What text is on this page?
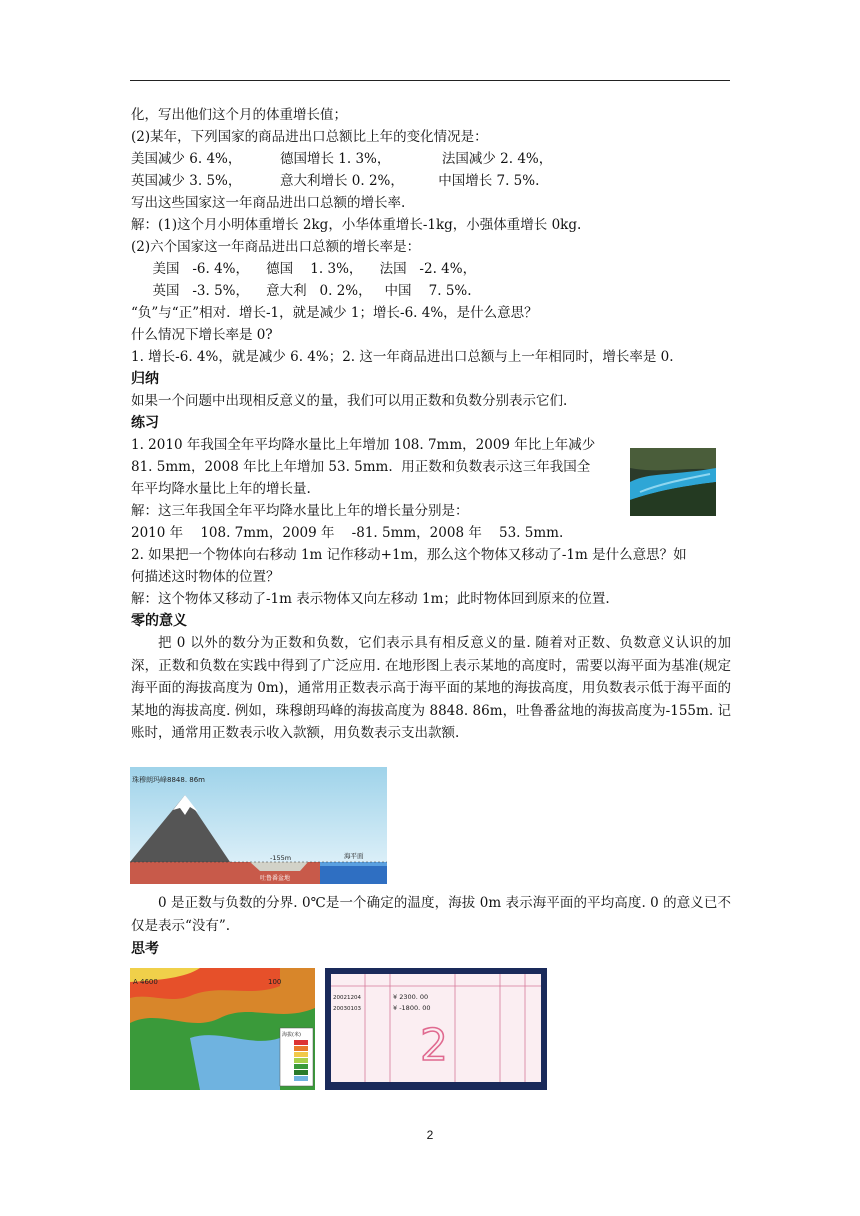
化，写出他们这个月的体重增长值；
(2)某年，下列国家的商品进出口总额比上年的变化情况是：
美国减少 6. 4%，         德国增长 1. 3%，            法国减少 2. 4%，
英国减少 3. 5%，         意大利增长 0. 2%，        中国增长 7. 5%.
写出这些国家这一年商品进出口总额的增长率.
解：(1)这个月小明体重增长 2kg，小华体重增长-1kg，小强体重增长 0kg.
(2)六个国家这一年商品进出口总额的增长率是：
美国   -6. 4%，    德国    1. 3%，    法国   -2. 4%，
英国   -3. 5%，    意大利   0. 2%，   中国    7. 5%.
“负”与“正”相对.  增长-1，就是减少 1；增长-6. 4%，是什么意思？
什么情况下增长率是 0?
1. 增长-6. 4%，就是减少 6. 4%；2. 这一年商品进出口总额与上一年相同时，增长率是 0.
归纳
如果一个问题中出现相反意义的量，我们可以用正数和负数分别表示它们.
练习
1. 2010 年我国全年平均降水量比上年增加 108. 7mm，2009 年比上年减少
81. 5mm，2008 年比上年增加 53. 5mm.  用正数和负数表示这三年我国全
年平均降水量比上年的增长量.
解：这三年我国全年平均降水量比上年的增长量分别是：
2010 年    108. 7mm，2009 年    -81. 5mm，2008 年    53. 5mm.
2. 如果把一个物体向右移动 1m 记作移动+1m，那么这个物体又移动了-1m 是什么意思？如
何描述这时物体的位置？
解：这个物体又移动了-1m 表示物体又向左移动 1m；此时物体回到原来的位置.
零的意义

把 0 以外的数分为正数和负数，它们表示具有相反意义的量. 随着对正数、负数意义认识的加深，正数和负数在实践中得到了广泛应用. 在地形图上表示某地的高度时，需要以海平面为基准(规定海平面的海拔高度为 0m)，通常用正数表示高于海平面的某地的海拔高度，用负数表示低于海平面的某地的海拔高度. 例如，珠穆朗玛峰的海拔高度为 8848. 86m，吐鲁番盆地的海拔高度为-155m. 记账时，通常用正数表示收入款额，用负数表示支出款额.

珠穆朗玛峰8848. 86m
-155m	海平面
吐鲁番盆地

0 是正数与负数的分界. 0℃是一个确定的温度，海拔 0m 表示海平面的平均高度. 0 的意义已不仅是表示“没有”.

思考
A 4600	100
海拔(米)
20021204
20030103
¥ 2300. 00
¥ -1800. 00
2
2
